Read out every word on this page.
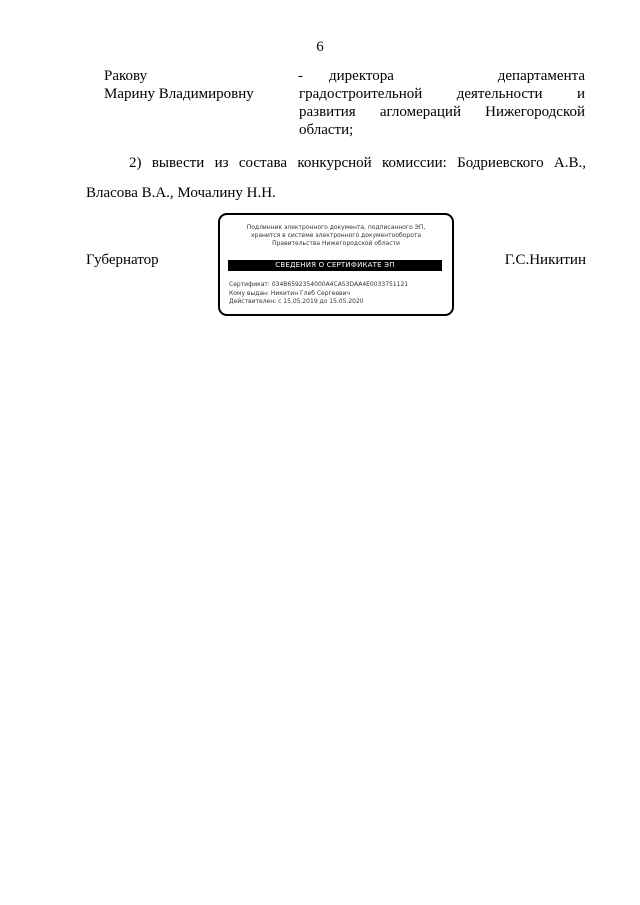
6
Ракову
Марину Владимировну
-	директора департамента
градостроительной деятельности и
развития агломераций Нижегородской
области;
2) вывести из состава конкурсной комиссии: Бодриевского А.В., Власова В.А., Мочалину Н.Н.
Губернатор
Подлинник электронного документа, подписанного ЭП,
хранится в системе электронного документооборота
Правительства Нижегородской области
СВЕДЕНИЯ О СЕРТИФИКАТЕ ЭП
Сертификат: 034B6592354000A4CA53DAA4E0033751121
Кому выдан: Никитин Глеб Сергеевич
Действителен: с 15.05.2019 до 15.05.2020
Г.С.Никитин
